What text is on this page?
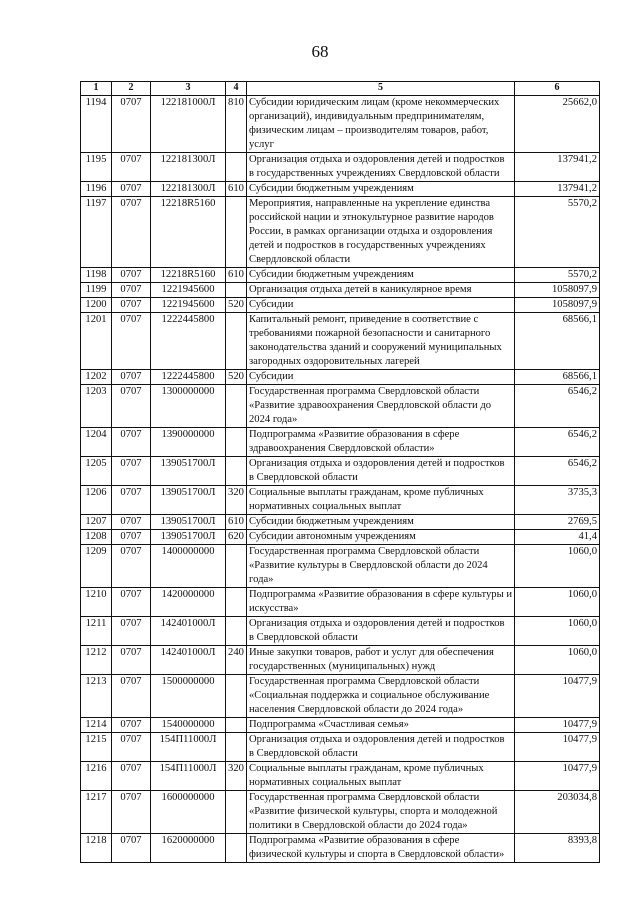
68
1	2	3	4	5	6
1194	0707	122181000Л	810	Субсидии юридическим лицам (кроме некоммерческих организаций), индивидуальным предпринимателям, физическим лицам – производителям товаров, работ, услуг	25662,0
1195	0707	122181300Л		Организация отдыха и оздоровления детей и подростков в государственных учреждениях Свердловской области	137941,2
1196	0707	122181300Л	610	Субсидии бюджетным учреждениям	137941,2
1197	0707	12218R5160		Мероприятия, направленные на укрепление единства российской нации и этнокультурное развитие народов России, в рамках организации отдыха и оздоровления детей и подростков в государственных учреждениях Свердловской области	5570,2
1198	0707	12218R5160	610	Субсидии бюджетным учреждениям	5570,2
1199	0707	1221945600		Организация отдыха детей в каникулярное время	1058097,9
1200	0707	1221945600	520	Субсидии	1058097,9
1201	0707	1222445800		Капитальный ремонт, приведение в соответствие с требованиями пожарной безопасности и санитарного законодательства зданий и сооружений муниципальных загородных оздоровительных лагерей	68566,1
1202	0707	1222445800	520	Субсидии	68566,1
1203	0707	1300000000		Государственная программа Свердловской области «Развитие здравоохранения Свердловской области до 2024 года»	6546,2
1204	0707	1390000000		Подпрограмма «Развитие образования в сфере здравоохранения Свердловской области»	6546,2
1205	0707	139051700Л		Организация отдыха и оздоровления детей и подростков в Свердловской области	6546,2
1206	0707	139051700Л	320	Социальные выплаты гражданам, кроме публичных нормативных социальных выплат	3735,3
1207	0707	139051700Л	610	Субсидии бюджетным учреждениям	2769,5
1208	0707	139051700Л	620	Субсидии автономным учреждениям	41,4
1209	0707	1400000000		Государственная программа Свердловской области «Развитие культуры в Свердловской области до 2024 года»	1060,0
1210	0707	1420000000		Подпрограмма «Развитие образования в сфере культуры и искусства»	1060,0
1211	0707	142401000Л		Организация отдыха и оздоровления детей и подростков в Свердловской области	1060,0
1212	0707	142401000Л	240	Иные закупки товаров, работ и услуг для обеспечения государственных (муниципальных) нужд	1060,0
1213	0707	1500000000		Государственная программа Свердловской области «Социальная поддержка и социальное обслуживание населения Свердловской области до 2024 года»	10477,9
1214	0707	1540000000		Подпрограмма «Счастливая семья»	10477,9
1215	0707	154П11000Л		Организация отдыха и оздоровления детей и подростков в Свердловской области	10477,9
1216	0707	154П11000Л	320	Социальные выплаты гражданам, кроме публичных нормативных социальных выплат	10477,9
1217	0707	1600000000		Государственная программа Свердловской области «Развитие физической культуры, спорта и молодежной политики в Свердловской области до 2024 года»	203034,8
1218	0707	1620000000		Подпрограмма «Развитие образования в сфере физической культуры и спорта в Свердловской области»	8393,8
